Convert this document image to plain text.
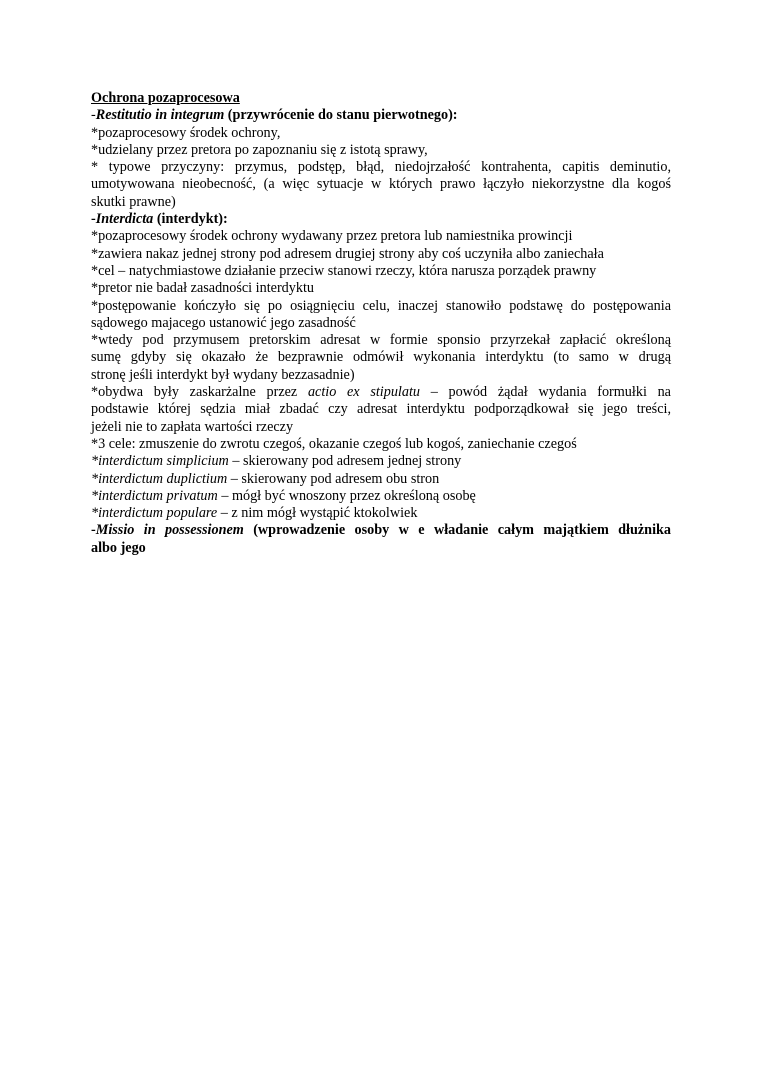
Ochrona pozaprocesowa
-Restitutio in integrum (przywrócenie do stanu pierwotnego):
*pozaprocesowy środek ochrony,
*udzielany przez pretora po zapoznaniu się z istotą sprawy,
* typowe przyczyny: przymus, podstęp, błąd, niedojrzałość kontrahenta, capitis deminutio,
umotywowana nieobecność, (a więc sytuacje w których prawo łączyło niekorzystne dla kogoś
skutki prawne)
-Interdicta (interdykt):
*pozaprocesowy środek ochrony wydawany przez pretora lub namiestnika prowincji
*zawiera nakaz jednej strony pod adresem drugiej strony aby coś uczyniła albo zaniechała
*cel – natychmiastowe działanie przeciw stanowi rzeczy, która narusza porządek prawny
*pretor nie badał zasadności interdyktu
*postępowanie kończyło się po osiągnięciu celu, inaczej stanowiło podstawę do postępowania
sądowego majacego ustanowić jego zasadność
*wtedy pod przymusem pretorskim adresat w formie sponsio przyrzekał zapłacić określoną
sumę gdyby się okazało że bezprawnie odmówił wykonania interdyktu (to samo w drugą
stronę jeśli interdykt był wydany bezzasadnie)
*obydwa były zaskarżalne przez actio ex stipulatu – powód żądał wydania formułki na
podstawie której sędzia miał zbadać czy adresat interdyktu podporządkował się jego treści,
jeżeli nie to zapłata wartości rzeczy
*3 cele: zmuszenie do zwrotu czegoś, okazanie czegoś lub kogoś, zaniechanie czegoś
*interdictum simplicium – skierowany pod adresem jednej strony
*interdictum duplictium – skierowany pod adresem obu stron
*interdictum privatum – mógł być wnoszony przez określoną osobę
*interdictum populare – z nim mógł wystąpić ktokolwiek
-Missio in possessionem (wprowadzenie osoby w e władanie całym majątkiem dłużnika
albo jego
